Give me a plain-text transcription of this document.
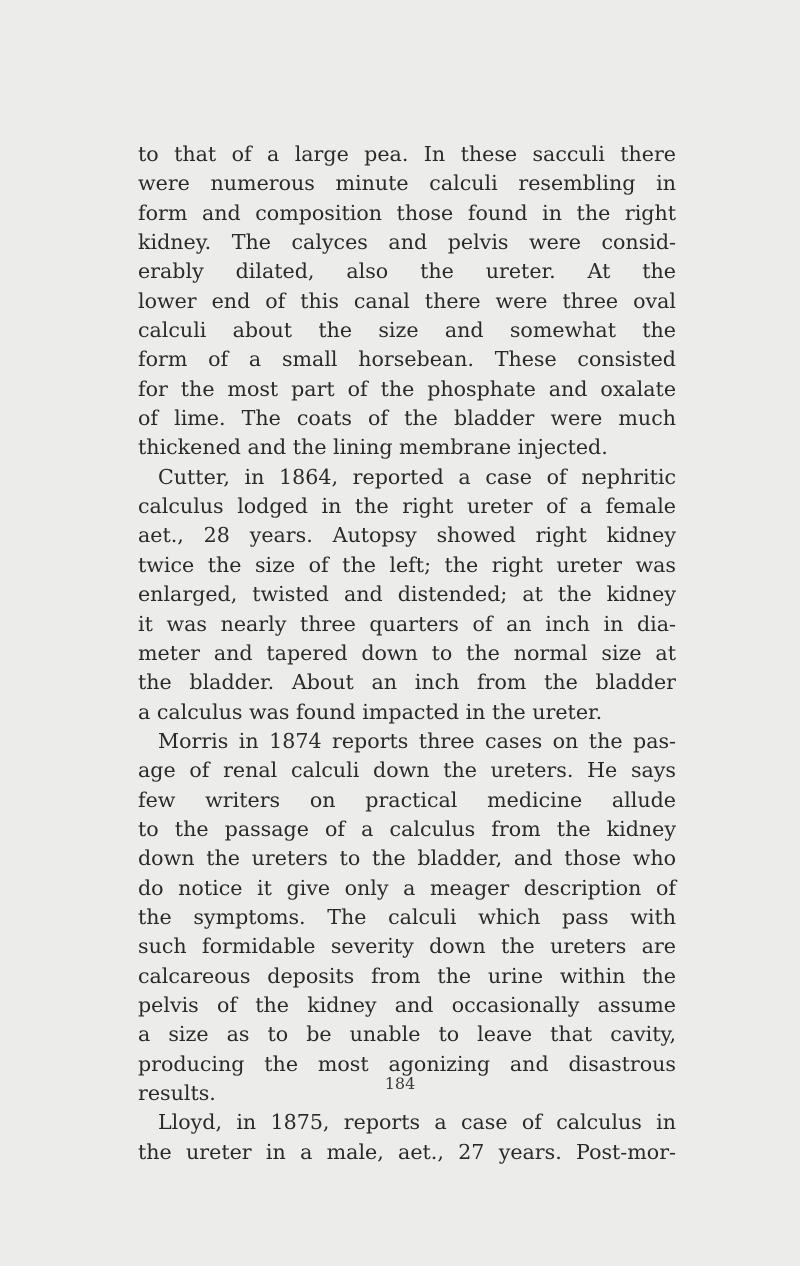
to that of a large pea. In these sacculi there
were numerous minute calculi resembling in
form and composition those found in the right
kidney. The calyces and pelvis were consid-
erably dilated, also the ureter. At the
lower end of this canal there were three oval
calculi about the size and somewhat the
form of a small horsebean. These consisted
for the most part of the phosphate and oxalate
of lime. The coats of the bladder were much
thickened and the lining membrane injected.
Cutter, in 1864, reported a case of nephritic
calculus lodged in the right ureter of a female
aet., 28 years. Autopsy showed right kidney
twice the size of the left; the right ureter was
enlarged, twisted and distended; at the kidney
it was nearly three quarters of an inch in dia-
meter and tapered down to the normal size at
the bladder. About an inch from the bladder
a calculus was found impacted in the ureter.
Morris in 1874 reports three cases on the pas-
age of renal calculi down the ureters. He says
few writers on practical medicine allude
to the passage of a calculus from the kidney
down the ureters to the bladder, and those who
do notice it give only a meager description of
the symptoms. The calculi which pass with
such formidable severity down the ureters are
calcareous deposits from the urine within the
pelvis of the kidney and occasionally assume
a size as to be unable to leave that cavity,
producing the most agonizing and disastrous
results.
Lloyd, in 1875, reports a case of calculus in
the ureter in a male, aet., 27 years. Post-mor-
184
